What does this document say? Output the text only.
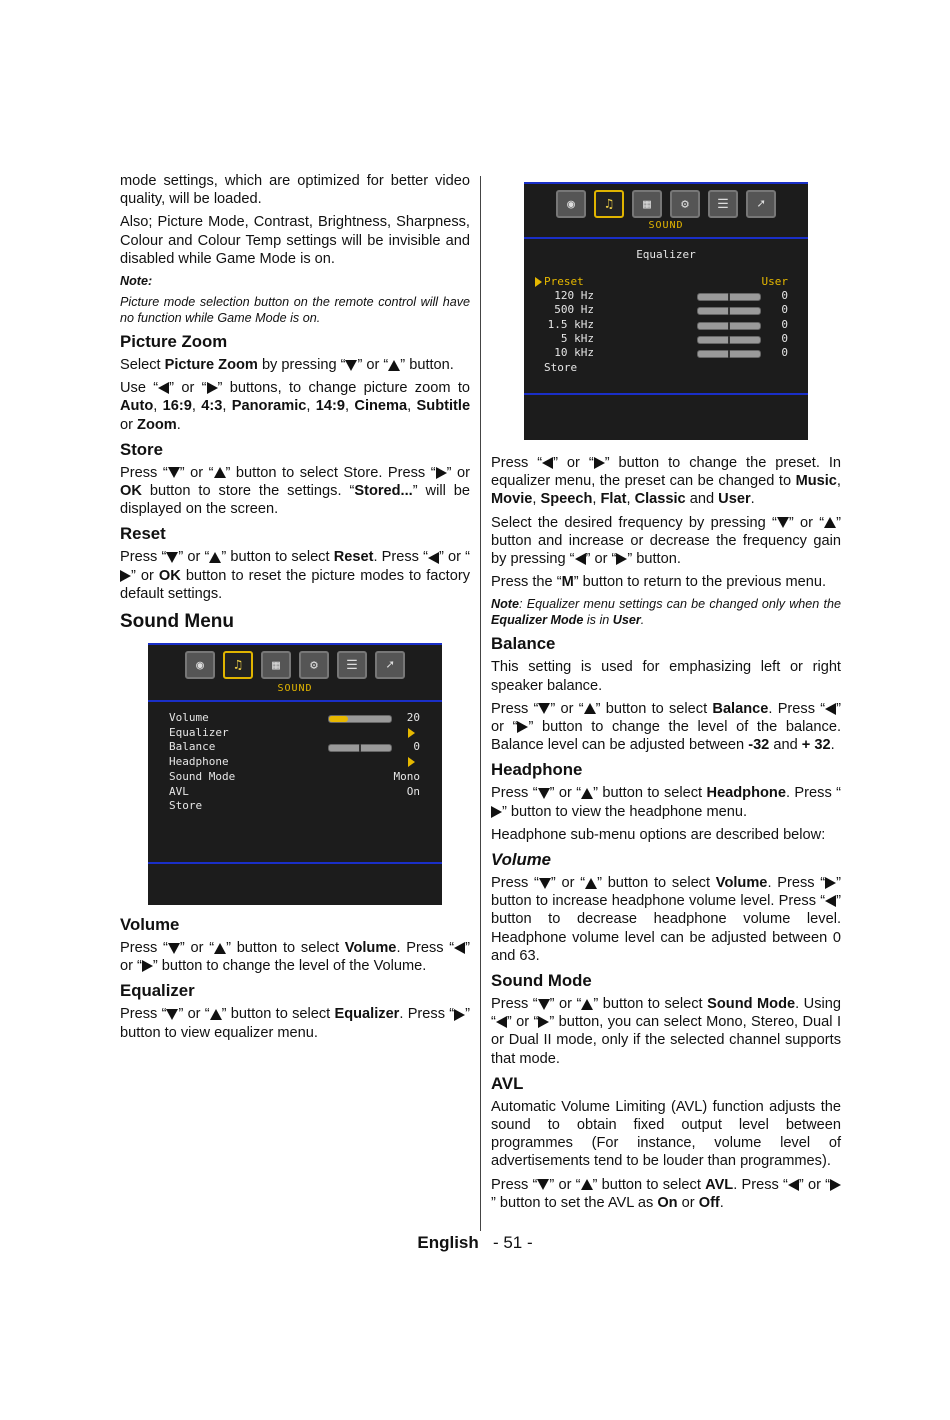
mode settings, which are optimized for better video quality, will be loaded.

Also; Picture Mode, Contrast, Brightness, Sharpness, Colour and Colour Temp settings will be invisible and disabled while Game Mode is on.

Note:

Picture mode selection button on the remote control will have no function while Game Mode is on.

Picture Zoom

Select Picture Zoom by pressing “ ” or “ ” button.

Use “ ” or “ ” buttons, to change picture zoom to Auto, 16:9, 4:3, Panoramic, 14:9, Cinema, Subtitle or Zoom.

Store

Press “ ” or “ ” button to select Store. Press “ ” or OK button to store the settings. “Stored...” will be displayed on the screen.

Reset

Press “ ” or “ ” button to select Reset. Press “ ” or “” or OK button to reset the picture modes to factory default settings.

Sound Menu
◉	♫	▦	⚙	☰	➚
SOUND
Volume	20
Equalizer
Balance	0
Headphone
Sound Mode	Mono
AVL	On
Store
Volume

Press “ ” or “ ” button to select Volume. Press “ ” or “ ” button to change the level of the Volume.

Equalizer

Press “ ” or “ ” button to select Equalizer. Press “ ” button to view equalizer menu.

◉	♫	▦	⚙	☰	➚
SOUND
Equalizer
Preset	User
Store
120 Hz	0
500 Hz	0
1.5 kHz	0
5 kHz	0
10 kHz	0

Press “ ” or “ ” button to change the preset. In equalizer menu, the preset can be changed to Music, Movie, Speech, Flat, Classic and User.

Select the desired frequency by pressing “ ” or “ ” button and increase or decrease the frequency gain by pressing “ ” or “ ” button.

Press the “M” button to return to the previous menu.

Note: Equalizer menu settings can be changed only when the Equalizer Mode is in User.

Balance

This setting is used for emphasizing left or right speaker balance.

Press “ ” or “ ” button to select Balance. Press “ ” or “ ” button to change the level of the balance. Balance level can be adjusted between -32 and + 32.

Headphone

Press “ ” or “ ” button to select Headphone. Press “” button to view the headphone menu.

Headphone sub-menu options are described below:

Volume

Press “ ” or “ ” button to select Volume. Press “ ” button to increase headphone volume level. Press “ ” button to decrease headphone volume level. Headphone volume level can be adjusted between 0 and 63.

Sound Mode

Press “ ” or “ ” button to select Sound Mode. Using “ ” or “ ” button, you can select Mono, Stereo, Dual I or Dual II mode, only if the selected channel supports that mode.

AVL

Automatic Volume Limiting (AVL) function adjusts the sound to obtain fixed output level between programmes (For instance, volume level of advertisements tend to be louder than programmes).

Press “ ” or “ ” button to select AVL. Press “ ” or “” button to set the AVL as On or Off.

English - 51 -
